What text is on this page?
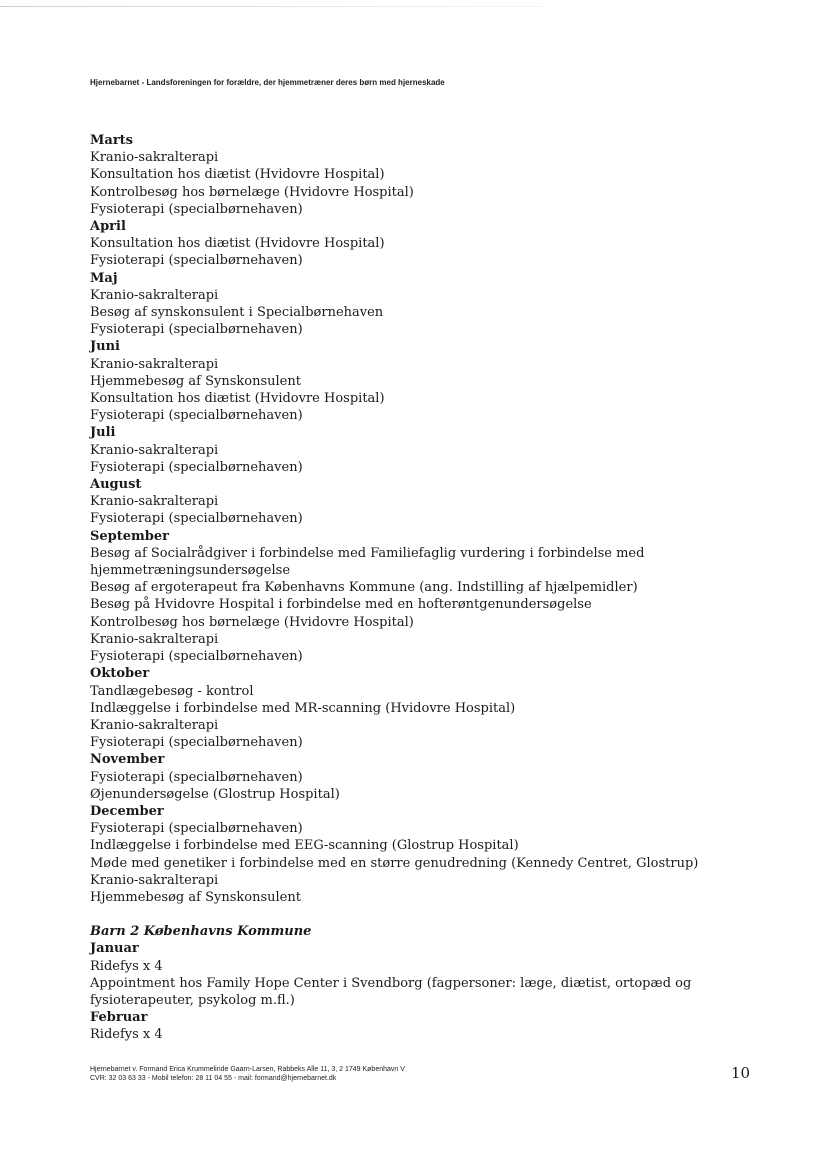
Hjernebarnet - Landsforeningen for forældre, der hjemmetræner deres børn med hjerneskade
Marts
Kranio-sakralterapi
Konsultation hos diætist (Hvidovre Hospital)
Kontrolbesøg hos børnelæge (Hvidovre Hospital)
Fysioterapi (specialbørnehaven)
April
Konsultation hos diætist (Hvidovre Hospital)
Fysioterapi (specialbørnehaven)
Maj
Kranio-sakralterapi
Besøg af synskonsulent i Specialbørnehaven
Fysioterapi (specialbørnehaven)
Juni
Kranio-sakralterapi
Hjemmebesøg af Synskonsulent
Konsultation hos diætist (Hvidovre Hospital)
Fysioterapi (specialbørnehaven)
Juli
Kranio-sakralterapi
Fysioterapi (specialbørnehaven)
August
Kranio-sakralterapi
Fysioterapi (specialbørnehaven)
September
Besøg af Socialrådgiver i forbindelse med Familiefaglig vurdering i forbindelse med
hjemmetræningsundersøgelse
Besøg af ergoterapeut fra Københavns Kommune (ang. Indstilling af hjælpemidler)
Besøg på Hvidovre Hospital i forbindelse med en hofterøntgenundersøgelse
Kontrolbesøg hos børnelæge (Hvidovre Hospital)
Kranio-sakralterapi
Fysioterapi (specialbørnehaven)
Oktober
Tandlægebesøg - kontrol
Indlæggelse i forbindelse med MR-scanning (Hvidovre Hospital)
Kranio-sakralterapi
Fysioterapi (specialbørnehaven)
November
Fysioterapi (specialbørnehaven)
Øjenundersøgelse (Glostrup Hospital)
December
Fysioterapi (specialbørnehaven)
Indlæggelse i forbindelse med EEG-scanning (Glostrup Hospital)
Møde med genetiker i forbindelse med en større genudredning (Kennedy Centret, Glostrup)
Kranio-sakralterapi
Hjemmebesøg af Synskonsulent
Barn 2 Københavns Kommune
Januar
Ridefys x 4
Appointment hos Family Hope Center i Svendborg (fagpersoner: læge, diætist, ortopæd og fysioterapeuter, psykolog m.fl.)
Februar
Ridefys x 4
Hjernebarnet v. Formand Erica Krummelinde Gaarn-Larsen, Rabbeks Alle 11, 3, 2 1749 København V
CVR: 32 03 63 33 - Mobil telefon: 28 11 04 55 - mail: formand@hjernebarnet.dk	10
